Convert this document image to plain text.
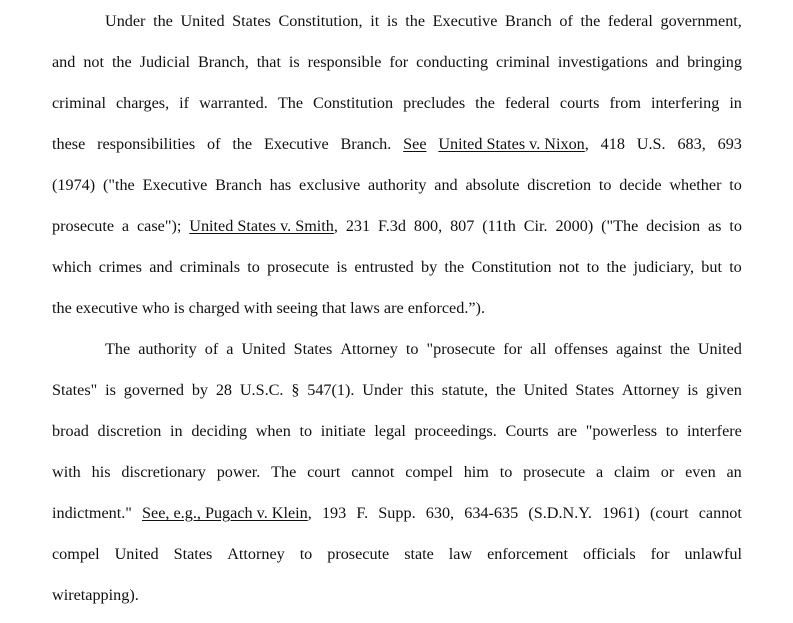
Under the United States Constitution, it is the Executive Branch of the federal government,
and not the Judicial Branch, that is responsible for conducting criminal investigations and bringing
criminal charges, if warranted. The Constitution precludes the federal courts from interfering in
these responsibilities of the Executive Branch. See United States v. Nixon, 418 U.S. 683, 693
(1974) ("the Executive Branch has exclusive authority and absolute discretion to decide whether to
prosecute a case"); United States v. Smith, 231 F.3d 800, 807 (11th Cir. 2000) ("The decision as to
which crimes and criminals to prosecute is entrusted by the Constitution not to the judiciary, but to
the executive who is charged with seeing that laws are enforced.”).
The authority of a United States Attorney to "prosecute for all offenses against the United
States" is governed by 28 U.S.C. § 547(1). Under this statute, the United States Attorney is given
broad discretion in deciding when to initiate legal proceedings. Courts are "powerless to interfere
with his discretionary power. The court cannot compel him to prosecute a claim or even an
indictment." See, e.g., Pugach v. Klein, 193 F. Supp. 630, 634-635 (S.D.N.Y. 1961) (court cannot
compel United States Attorney to prosecute state law enforcement officials for unlawful
wiretapping).
